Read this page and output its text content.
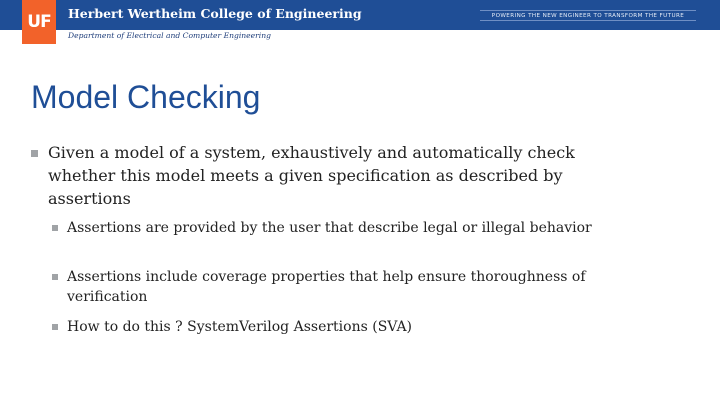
UF	Herbert Wertheim College of Engineering	POWERING THE NEW ENGINEER TO TRANSFORM THE FUTURE
Department of Electrical and Computer Engineering
Model Checking
Given a model of a system, exhaustively and automatically check whether this model meets a given specification as described by assertions
Assertions are provided by the user that describe legal or illegal behavior
Assertions include coverage properties that help ensure thoroughness of verification
How to do this ? SystemVerilog Assertions (SVA)
